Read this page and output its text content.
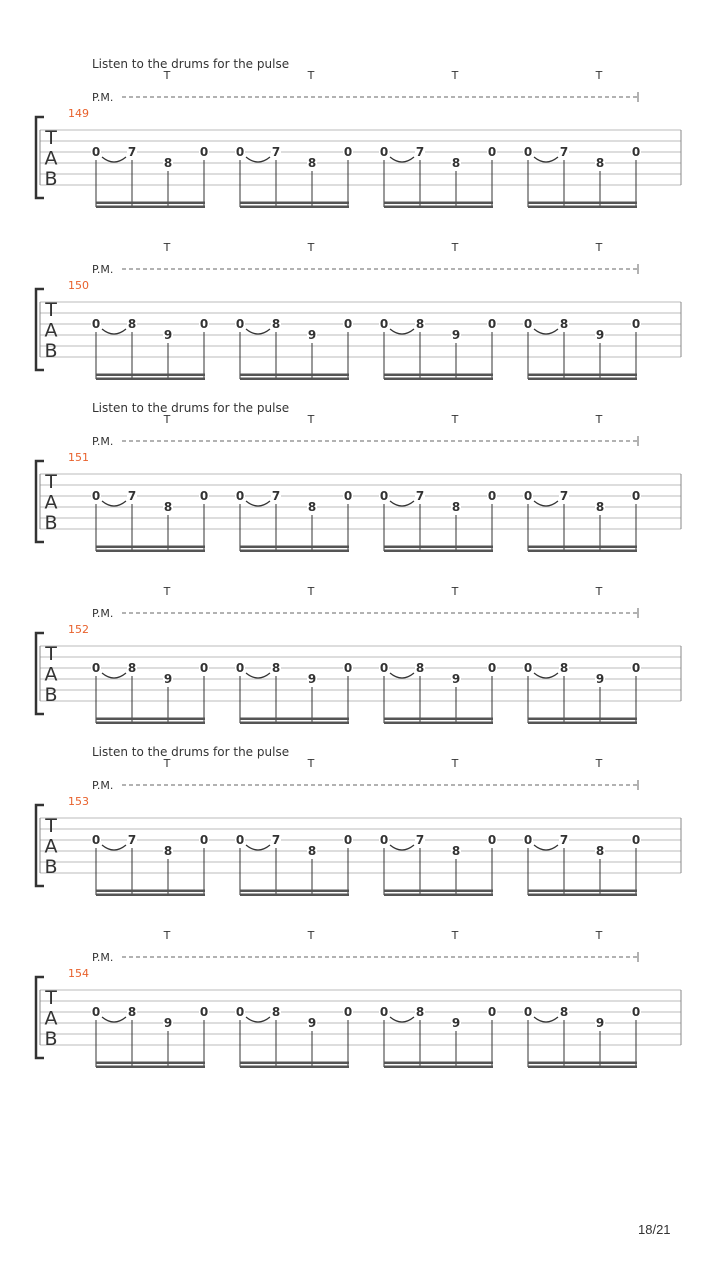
Listen to the drums for the pulse
T	T	T	T
P.M.
149
T
A
B
0 7
8
0 0 7
8
0 0 7
8
0 0 7
8
0
T	T	T	T
P.M.
150
T
A
B
0 8
9
0 0 8
9
0 0 8
9
0 0 8
9
0
Listen to the drums for the pulse
T	T	T	T
P.M.
151
T
A
B
0 7
8
0 0 7
8
0 0 7
8
0 0 7
8
0
T	T	T	T
P.M.
152
T
A
B
0 8
9
0 0 8
9
0 0 8
9
0 0 8
9
0
Listen to the drums for the pulse
T	T	T	T
P.M.
153
T
A
B
0 7
8
0 0 7
8
0 0 7
8
0 0 7
8
0
T	T	T	T
P.M.
154
T
A
B
0 8
9
0 0 8
9
0 0 8
9
0 0 8
9
0
18/21
